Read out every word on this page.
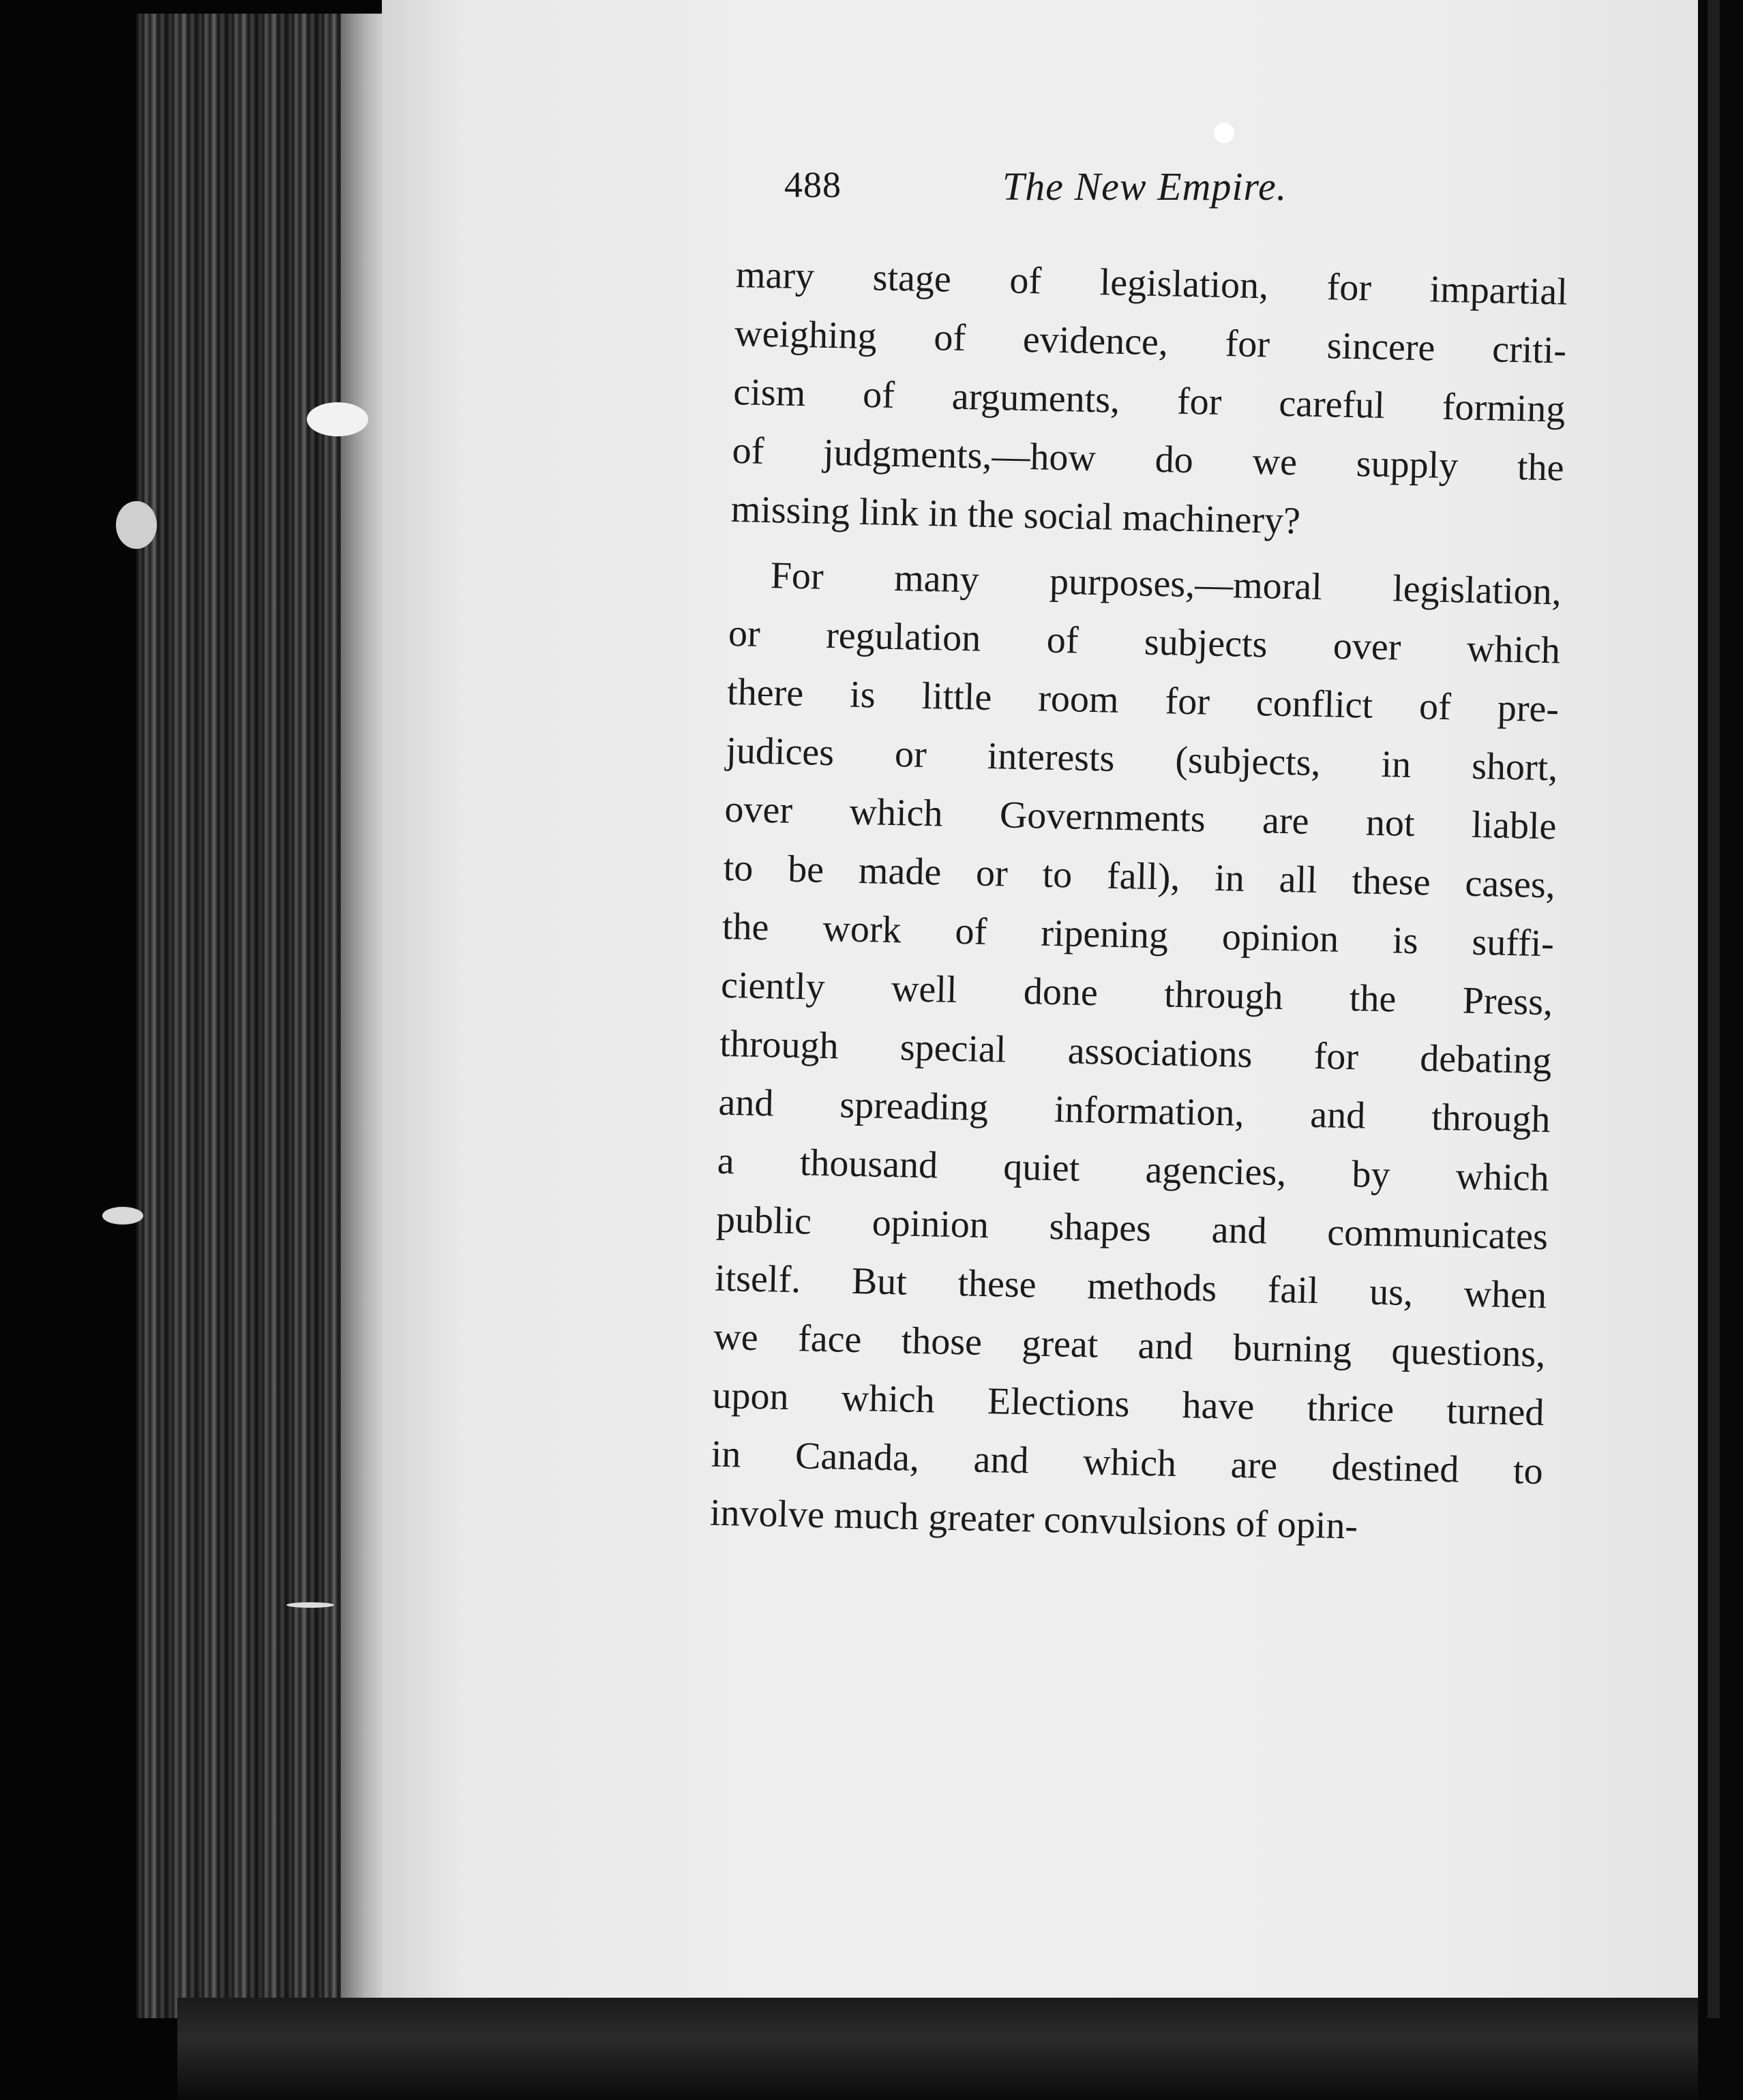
488	The New Empire.
mary stage of legislation, for impartial
weighing of evidence, for sincere criti-
cism of arguments, for careful forming
of judgments,—how do we supply the
missing link in the social machinery?
For many purposes,—moral legislation,
or regulation of subjects over which
there is little room for conflict of pre-
judices or interests (subjects, in short,
over which Governments are not liable
to be made or to fall), in all these cases,
the work of ripening opinion is suffi-
ciently well done through the Press,
through special associations for debating
and spreading information, and through
a thousand quiet agencies, by which
public opinion shapes and communicates
itself. But these methods fail us, when
we face those great and burning questions,
upon which Elections have thrice turned
in Canada, and which are destined to
involve much greater convulsions of opin-
